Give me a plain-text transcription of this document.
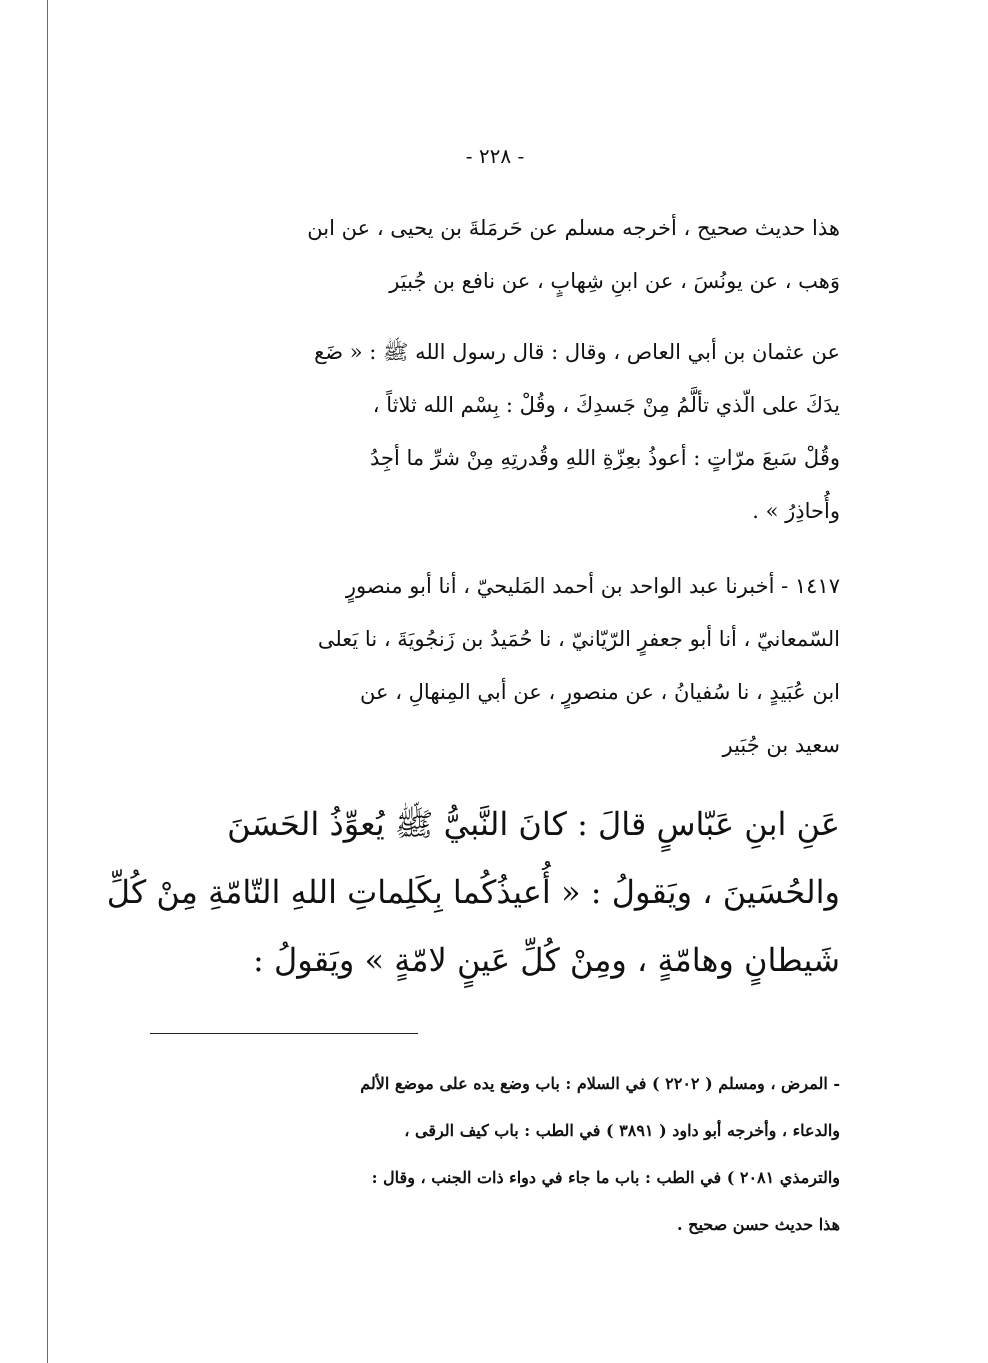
- ٢٢٨ -
هذا حديث صحيح ، أخرجه مسلم عن حَرمَلةَ بن يحيى ، عن ابن
وَهب ، عن يونُسَ ، عن ابنِ شِهابٍ ، عن نافع بن جُبيَر
عن عثمان بن أبي العاص ، وقال : قال رسول الله ﷺ : « ضَع
يدَكَ على الّذي تألَّمُ مِنْ جَسدِكَ ، وقُلْ : بِسْم الله ثلاثاً ،
وقُلْ سَبعَ مرّاتٍ : أعوذُ بعِزّةِ اللهِ وقُدرتِهِ مِنْ شرِّ ما أجِدُ
وأُحاذِرُ » .
١٤١٧ - أخبرنا عبد الواحد بن أحمد المَليحيّ ، أنا أبو منصورٍ
السّمعانيّ ، أنا أبو جعفرٍ الرّيّانيّ ، نا حُمَيدُ بن زَنجُويَةَ ، نا يَعلى
ابن عُبَيدٍ ، نا سُفيانُ ، عن منصورٍ ، عن أبي المِنهالِ ، عن
سعيد بن جُبَير
عَنِ ابنِ عَبّاسٍ قالَ : كانَ النَّبيُّ ﷺ يُعوِّذُ الحَسَنَ
والحُسَينَ ، ويَقولُ : « أُعيذُكُما بِكَلِماتِ اللهِ التّامّةِ مِنْ كُلِّ
شَيطانٍ وهامّةٍ ، ومِنْ كُلِّ عَينٍ لامّةٍ » ويَقولُ :
- المرض ، ومسلم ( ٢٢٠٢ ) في السلام : باب وضع يده على موضع الألم
والدعاء ، وأخرجه أبو داود ( ٣٨٩١ ) في الطب : باب كيف الرقى ،
والترمذي ٢٠٨١ ) في الطب : باب ما جاء في دواء ذات الجنب ، وقال :
هذا حديث حسن صحيح .
